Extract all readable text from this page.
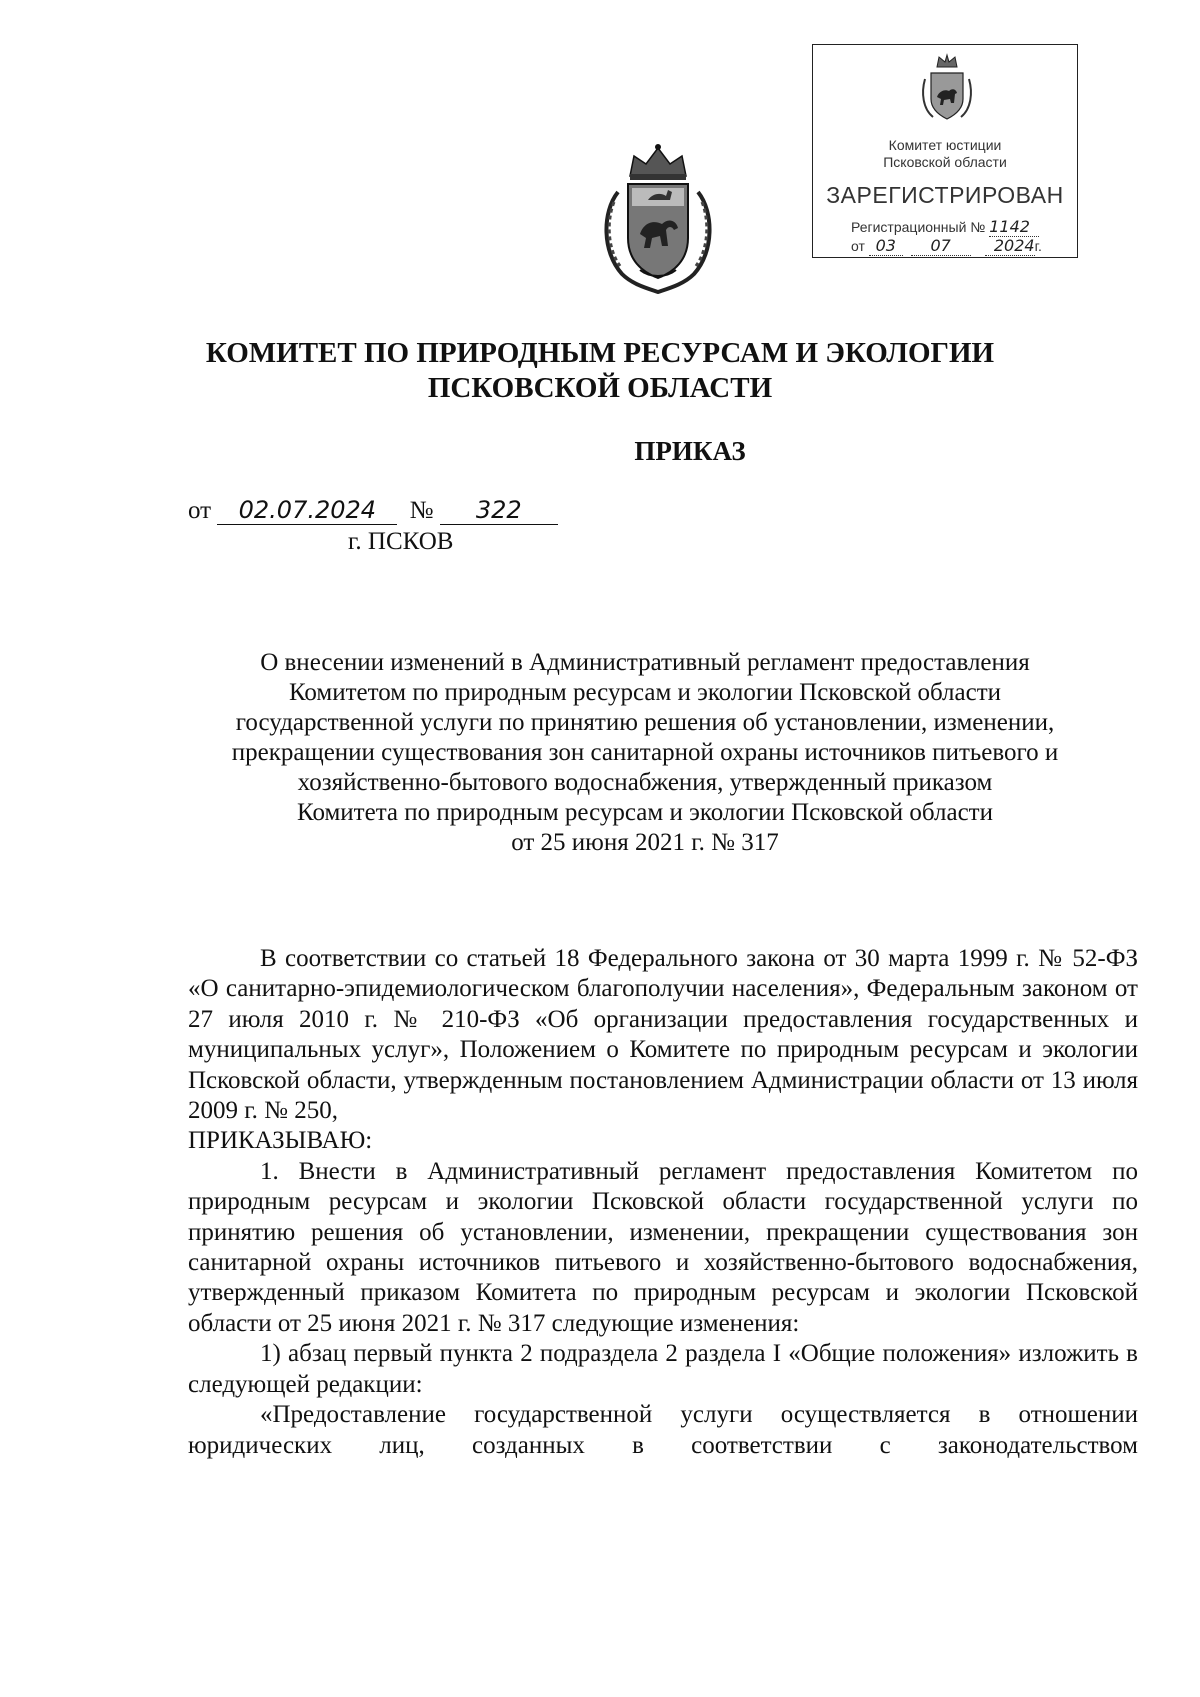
Комитет юстиции
Псковской области
ЗАРЕГИСТРИРОВАН
Регистрационный № 1142
от 03 07	2024г.
КОМИТЕТ ПО ПРИРОДНЫМ РЕСУРСАМ И ЭКОЛОГИИ
ПСКОВСКОЙ ОБЛАСТИ
ПРИКАЗ
от 02.07.2024 № 322
г. ПСКОВ
О внесении изменений в Административный регламент предоставления
Комитетом по природным ресурсам и экологии Псковской области
государственной услуги по принятию решения об установлении, изменении,
прекращении существования зон санитарной охраны источников питьевого и
хозяйственно-бытового водоснабжения, утвержденный приказом
Комитета по природным ресурсам и экологии Псковской области
от 25 июня 2021 г. № 317

В соответствии со статьей 18 Федерального закона от 30 марта 1999 г. № 52-ФЗ «О санитарно-эпидемиологическом благополучии населения», Федеральным законом от 27 июля 2010 г. № 210-ФЗ «Об организации предоставления государственных и муниципальных услуг», Положением о Комитете по природным ресурсам и экологии Псковской области, утвержденным постановлением Администрации области от 13 июля 2009 г. № 250,

ПРИКАЗЫВАЮ:

1. Внести в Административный регламент предоставления Комитетом по природным ресурсам и экологии Псковской области государственной услуги по принятию решения об установлении, изменении, прекращении существования зон санитарной охраны источников питьевого и хозяйственно-бытового водоснабжения, утвержденный приказом Комитета по природным ресурсам и экологии Псковской области от 25 июня 2021 г. № 317 следующие изменения:

1) абзац первый пункта 2 подраздела 2 раздела I «Общие положения» изложить в следующей редакции:

«Предоставление государственной услуги осуществляется в отношении юридических лиц, созданных в соответствии с законодательством
